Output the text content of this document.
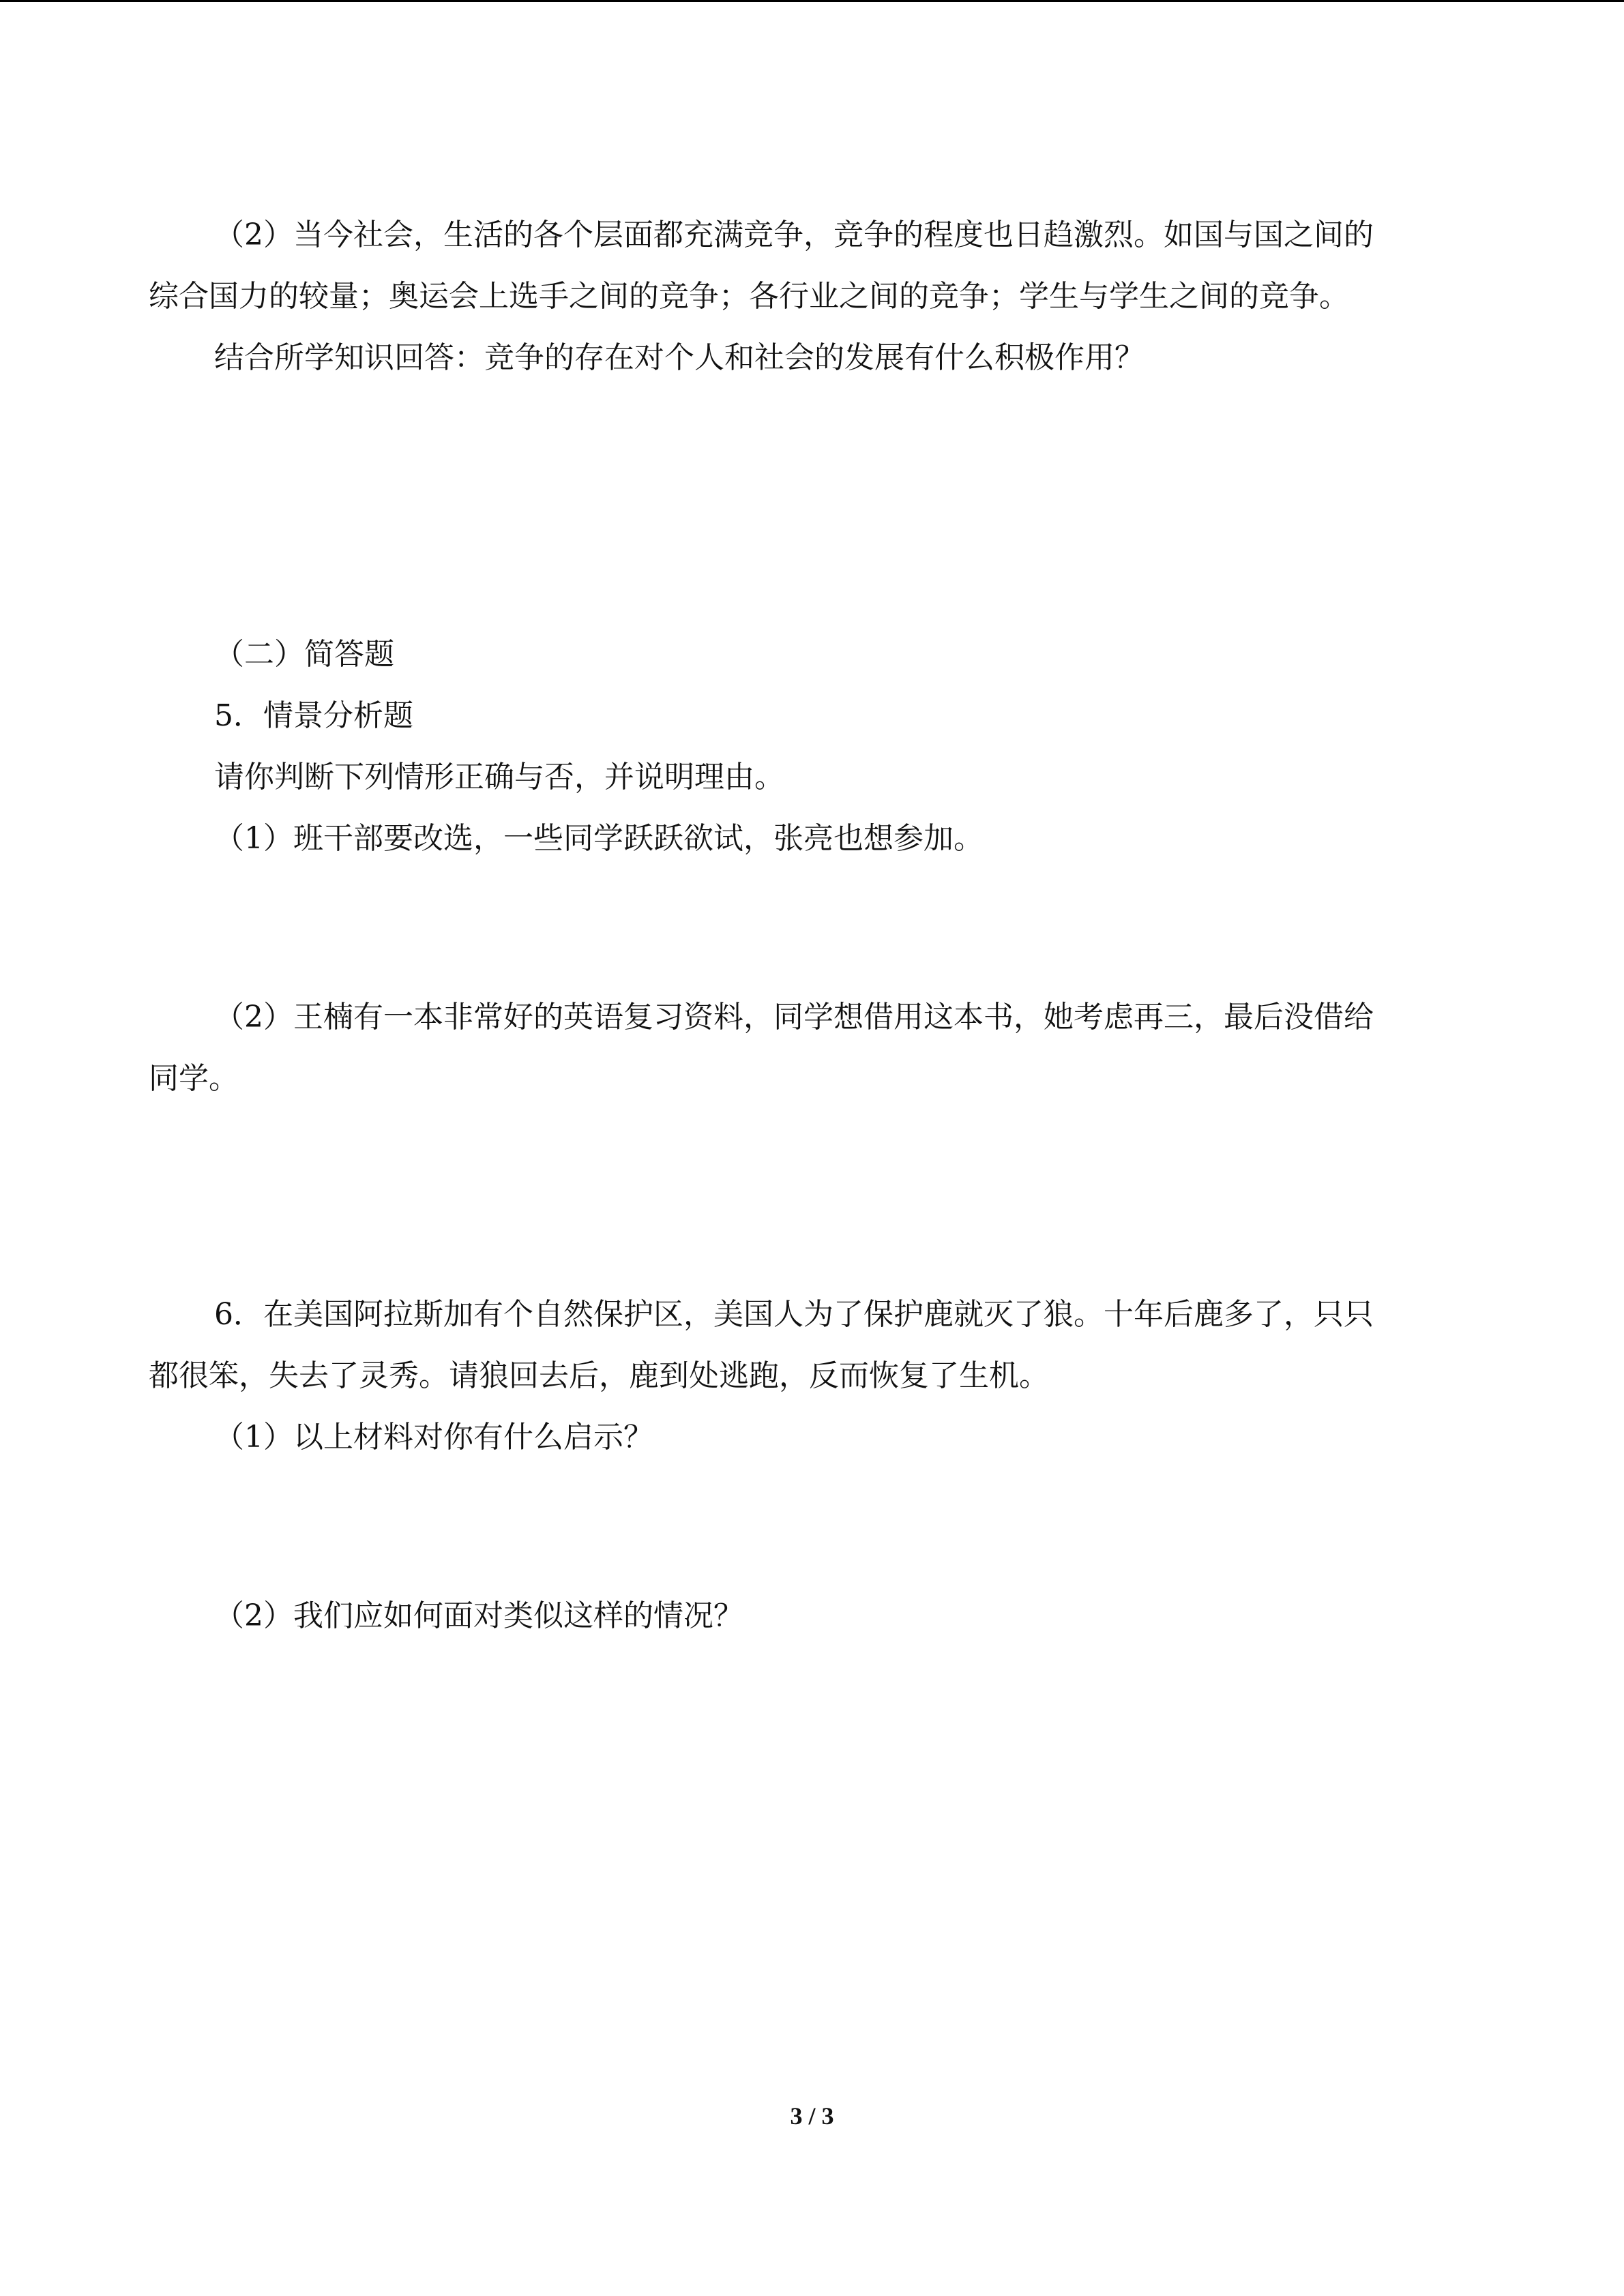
（2）当今社会，生活的各个层面都充满竞争，竞争的程度也日趋激烈。如国与国之间的
综合国力的较量；奥运会上选手之间的竞争；各行业之间的竞争；学生与学生之间的竞争。
结合所学知识回答：竞争的存在对个人和社会的发展有什么积极作用？
（二）简答题
5．情景分析题
请你判断下列情形正确与否，并说明理由。
（1）班干部要改选，一些同学跃跃欲试，张亮也想参加。
（2）王楠有一本非常好的英语复习资料，同学想借用这本书，她考虑再三，最后没借给
同学。
6．在美国阿拉斯加有个自然保护区，美国人为了保护鹿就灭了狼。十年后鹿多了，只只
都很笨，失去了灵秀。请狼回去后，鹿到处逃跑，反而恢复了生机。
（1）以上材料对你有什么启示？
（2）我们应如何面对类似这样的情况？
3 / 3
